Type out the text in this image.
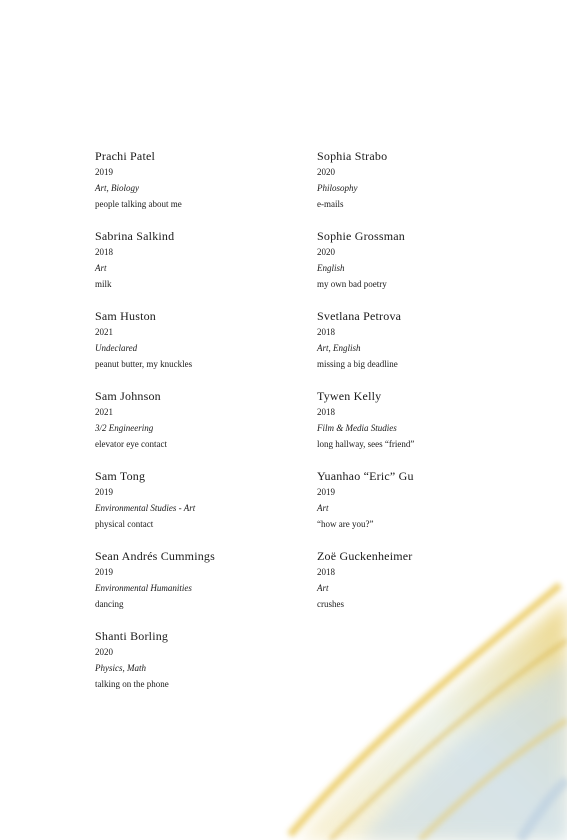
Prachi Patel
2019
Art, Biology
people talking about me
Sabrina Salkind
2018
Art
milk
Sam Huston
2021
Undeclared
peanut butter, my knuckles
Sam Johnson
2021
3/2 Engineering
elevator eye contact
Sam Tong
2019
Environmental Studies - Art
physical contact
Sean Andrés Cummings
2019
Environmental Humanities
dancing
Shanti Borling
2020
Physics, Math
talking on the phone
Sophia Strabo
2020
Philosophy
e-mails
Sophie Grossman
2020
English
my own bad poetry
Svetlana Petrova
2018
Art, English
missing a big deadline
Tywen Kelly
2018
Film & Media Studies
long hallway, sees “friend”
Yuanhao “Eric” Gu
2019
Art
“how are you?”
Zoë Guckenheimer
2018
Art
crushes
